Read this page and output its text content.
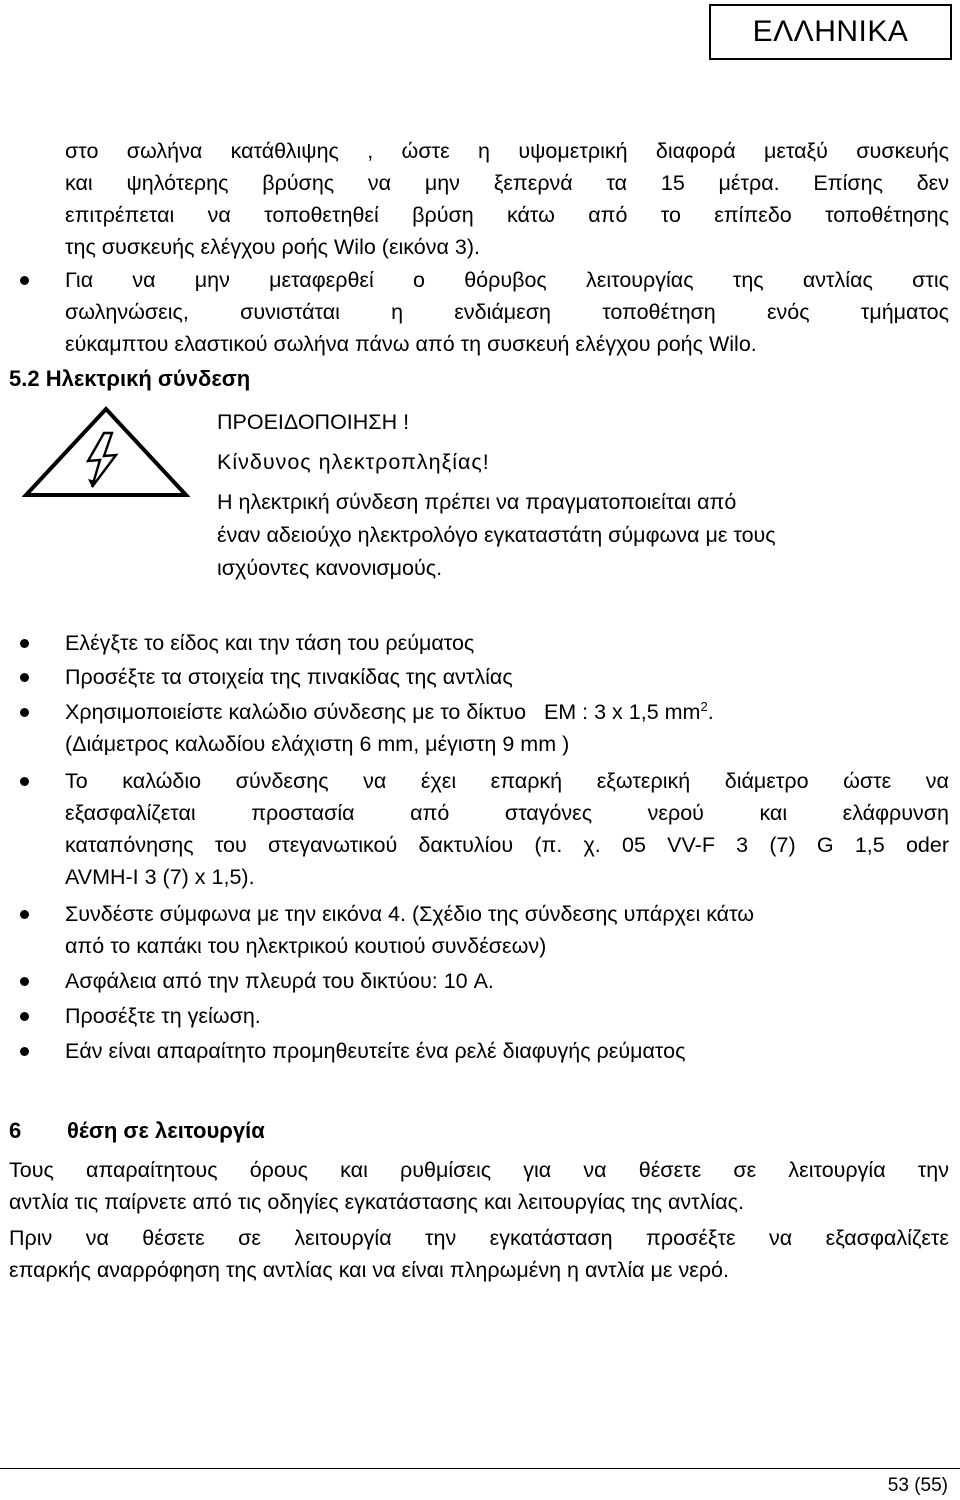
ΕΛΛΗΝΙΚΑ
στο σωλήνα κατάθλιψης , ώστε η υψομετρική διαφορά μεταξύ συσκευής
και ψηλότερης βρύσης να μην ξεπερνά τα 15 μέτρα. Επίσης δεν
επιτρέπεται να τοποθετηθεί βρύση κάτω από το επίπεδο τοποθέτησης
της συσκευής ελέγχου ροής Wilo (εικόνα 3).
Για να μην μεταφερθεί ο θόρυβος λειτουργίας της αντλίας στις
σωληνώσεις, συνιστάται η ενδιάμεση τοποθέτηση ενός τμήματος
εύκαμπτου ελαστικού σωλήνα πάνω από τη συσκευή ελέγχου ροής Wilo.
5.2 Ηλεκτρική σύνδεση
ΠΡΟΕΙΔΟΠΟΙΗΣΗ !
Κίνδυνος ηλεκτροπληξίας!
Η ηλεκτρική σύνδεση πρέπει να πραγματοποιείται από
έναν αδειούχο ηλεκτρολόγο εγκαταστάτη σύμφωνα με τους
ισχύοντες κανονισμούς.
Ελέγξτε το είδος και την τάση του ρεύματος
Προσέξτε τα στοιχεία της πινακίδας της αντλίας
Χρησιμοποιείστε καλώδιο σύνδεσης με το δίκτυο   ΕΜ : 3 x 1,5 $mm^2$.
(Διάμετρος καλωδίου ελάχιστη 6 mm, μέγιστη 9 mm )
Το καλώδιο σύνδεσης να έχει επαρκή εξωτερική διάμετρο ώστε να
εξασφαλίζεται προστασία από σταγόνες νερού και ελάφρυνση
καταπόνησης του στεγανωτικού δακτυλίου (π. χ. 05 VV-F 3 (7) G 1,5 oder
AVMH-I 3 (7) x 1,5).
Συνδέστε σύμφωνα με την εικόνα 4. (Σχέδιο της σύνδεσης υπάρχει κάτω
από το καπάκι του ηλεκτρικού κουτιού συνδέσεων)
Ασφάλεια από την πλευρά του δικτύου: 10 A.
Προσέξτε τη γείωση.
Εάν είναι απαραίτητο προμηθευτείτε ένα ρελέ διαφυγής ρεύματος
6 θέση σε λειτουργία
Τους απαραίτητους όρους και ρυθμίσεις για να θέσετε σε λειτουργία την
αντλία τις παίρνετε από τις οδηγίες εγκατάστασης και λειτουργίας της αντλίας.
Πριν να θέσετε σε λειτουργία την εγκατάσταση προσέξτε να εξασφαλίζετε
επαρκής αναρρόφηση της αντλίας και να είναι πληρωμένη η αντλία με νερό.
53 (55)
